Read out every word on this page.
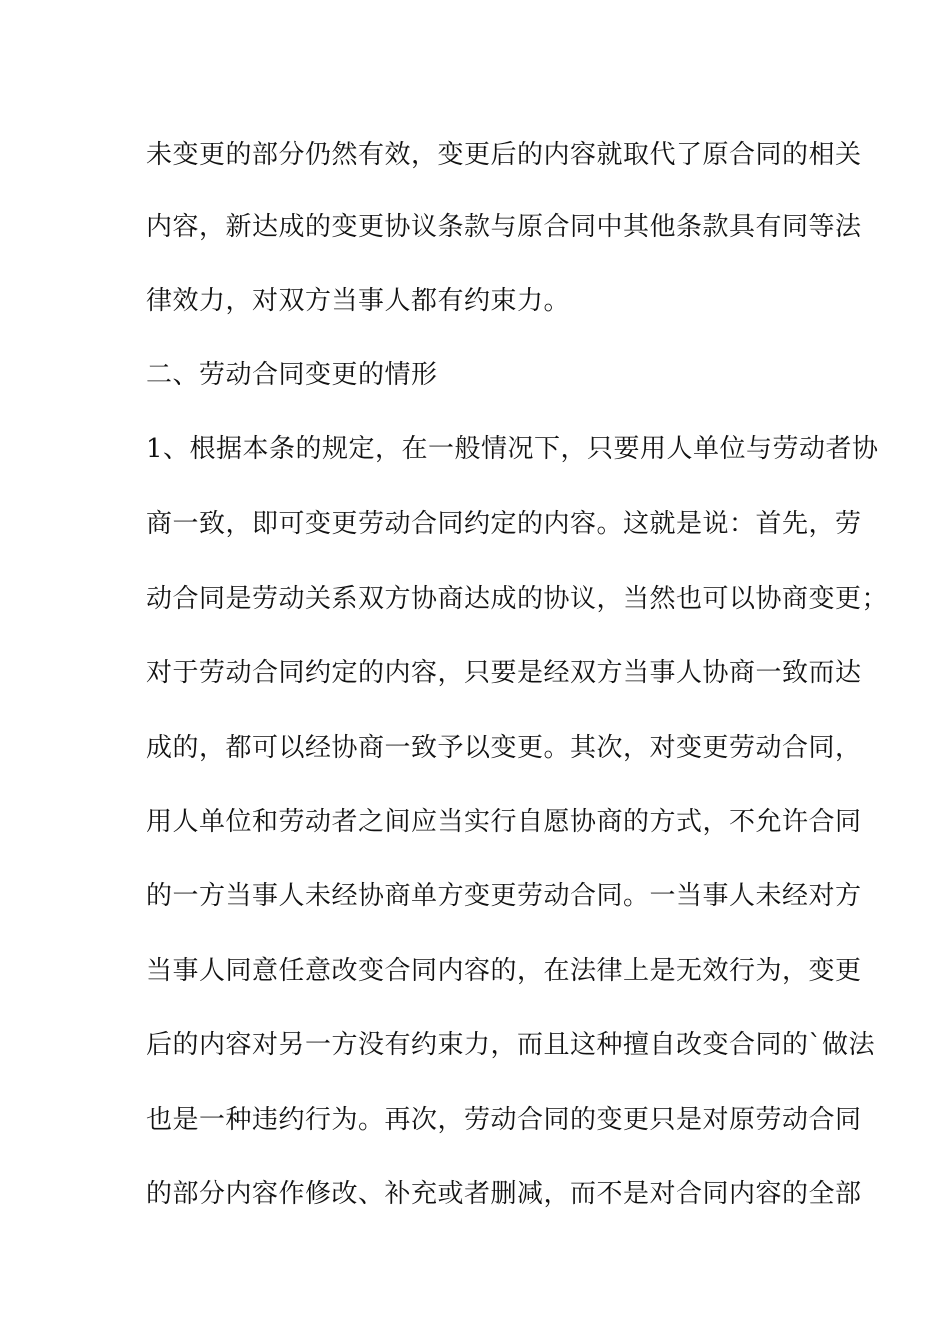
未变更的部分仍然有效，变更后的内容就取代了原合同的相关
内容，新达成的变更协议条款与原合同中其他条款具有同等法
律效力，对双方当事人都有约束力。
二、劳动合同变更的情形
1、根据本条的规定，在一般情况下，只要用人单位与劳动者协
商一致，即可变更劳动合同约定的内容。这就是说：首先，劳
动合同是劳动关系双方协商达成的协议，当然也可以协商变更；
对于劳动合同约定的内容，只要是经双方当事人协商一致而达
成的，都可以经协商一致予以变更。其次，对变更劳动合同，
用人单位和劳动者之间应当实行自愿协商的方式，不允许合同
的一方当事人未经协商单方变更劳动合同。一当事人未经对方
当事人同意任意改变合同内容的，在法律上是无效行为，变更
后的内容对另一方没有约束力，而且这种擅自改变合同的`做法
也是一种违约行为。再次，劳动合同的变更只是对原劳动合同
的部分内容作修改、补充或者删减，而不是对合同内容的全部
